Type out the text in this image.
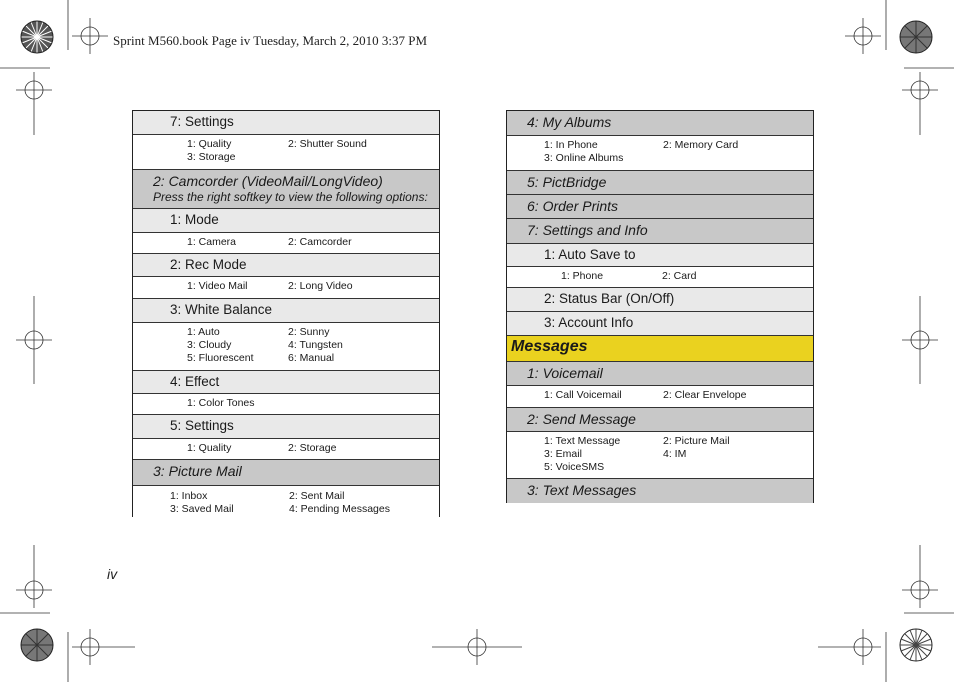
Sprint M560.book Page iv Tuesday, March 2, 2010 3:37 PM
7: Settings
1: Quality	2: Shutter Sound
3: Storage
2: Camcorder (VideoMail/LongVideo)
Press the right softkey to view the following options:
1: Mode
1: Camera	2: Camcorder
2: Rec Mode
1: Video Mail	2: Long Video
3: White Balance
1: Auto	2: Sunny
3: Cloudy	4: Tungsten
5: Fluorescent	6: Manual
4: Effect
1: Color Tones
5: Settings
1: Quality	2: Storage
3: Picture Mail
1: Inbox	2: Sent Mail
3: Saved Mail	4: Pending Messages
4: My Albums
1: In Phone	2: Memory Card
3: Online Albums
5: PictBridge
6: Order Prints
7: Settings and Info
1: Auto Save to
1: Phone	2: Card
2: Status Bar (On/Off)
3: Account Info
Messages
1: Voicemail
1: Call Voicemail	2: Clear Envelope
2: Send Message
1: Text Message	2: Picture Mail
3: Email	4: IM
5: VoiceSMS
3: Text Messages
iv
